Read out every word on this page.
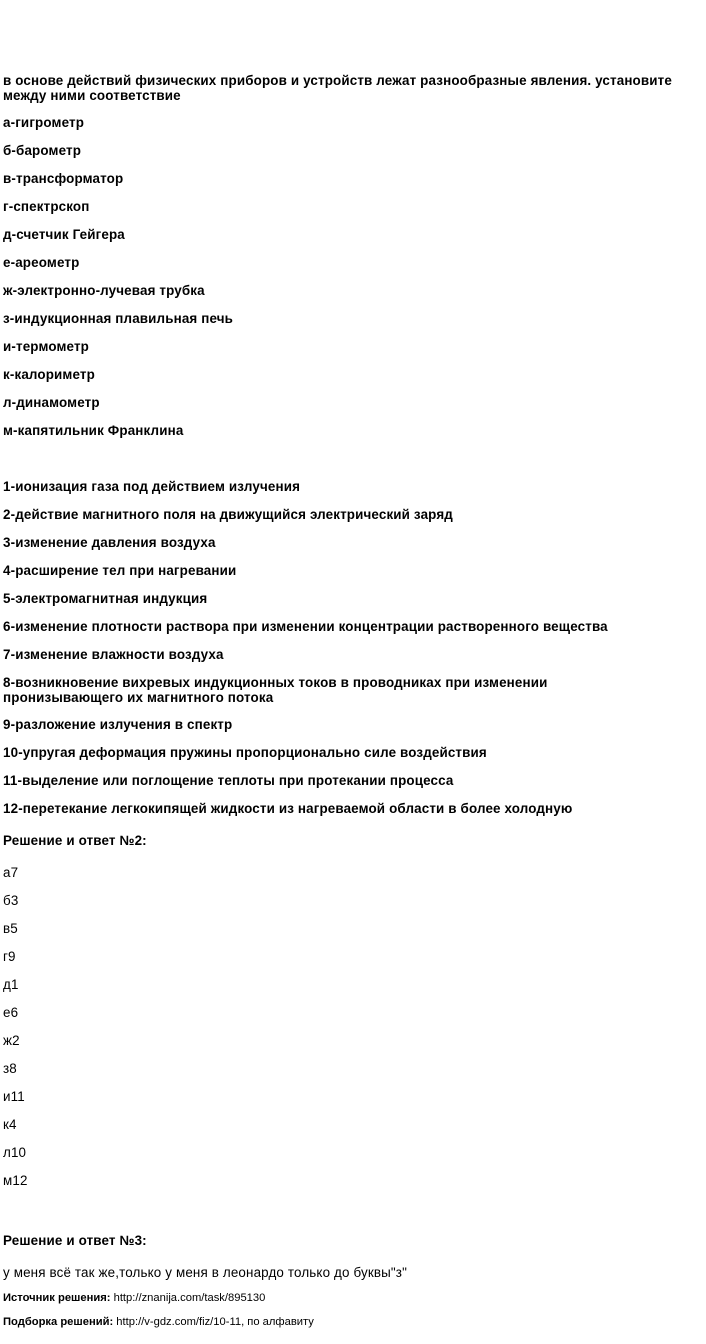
в основе действий физических приборов и устройств лежат разнообразные явления. установите между ними соответствие
а-гигрометр
б-барометр
в-трансформатор
г-спектрскоп
д-счетчик Гейгера
е-ареометр
ж-электронно-лучевая трубка
з-индукционная плавильная печь
и-термометр
к-калориметр
л-динамометр
м-капятильник Франклина
1-ионизация газа под действием излучения
2-действие магнитного поля на движущийся электрический заряд
3-изменение давления воздуха
4-расширение тел при нагревании
5-электромагнитная индукция
6-изменение плотности раствора при изменении концентрации растворенного вещества
7-изменение влажности воздуха
8-возникновение вихревых индукционных токов в проводниках при изменении пронизывающего их магнитного потока
9-разложение излучения в спектр
10-упругая деформация пружины пропорционально силе воздействия
11-выделение или поглощение теплоты при протекании процесса
12-перетекание легкокипящей жидкости из нагреваемой области в более холодную
Решение и ответ №2:
а7
б3
в5
г9
д1
е6
ж2
з8
и11
к4
л10
м12
Решение и ответ №3:
у меня всё так же,только у меня в леонардо только до буквы"з"
Источник решения: http://znanija.com/task/895130
Подборка решений: http://v-gdz.com/fiz/10-11, по алфавиту
